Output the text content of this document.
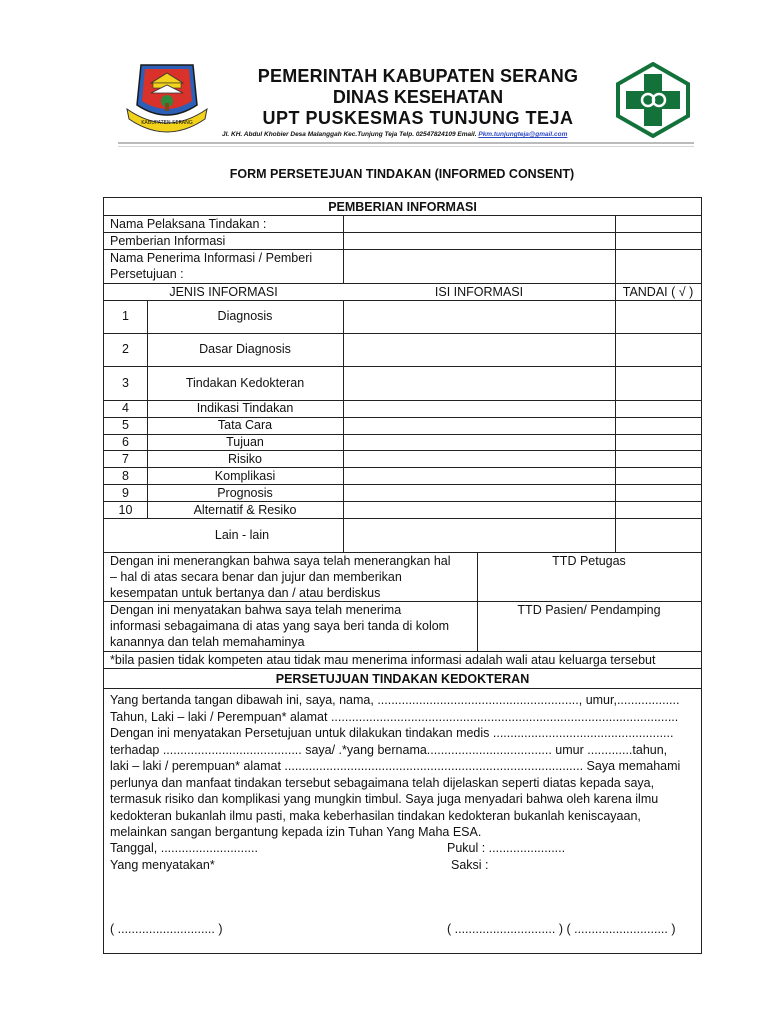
KABUPATEN SERANG
PEMERINTAH KABUPATEN SERANG
DINAS KESEHATAN
UPT PUSKESMAS TUNJUNG TEJA
Jl. KH. Abdul Khobier Desa Malanggah Kec.Tunjung Teja Telp. 02547824109 Email. Pkm.tunjungteja@gmail.com
FORM PERSETEJUAN TINDAKAN (INFORMED CONSENT)
PEMBERIAN INFORMASI
Nama Pelaksana Tindakan :
Pemberian Informasi
Nama Penerima Informasi / Pemberi
Persetujuan :
JENIS INFORMASI	ISI INFORMASI	TANDAI ( √ )
1	Diagnosis
2	Dasar Diagnosis
3	Tindakan Kedokteran
4	Indikasi Tindakan
5	Tata Cara
6	Tujuan
7	Risiko
8	Komplikasi
9	Prognosis
10	Alternatif & Resiko
Lain - lain
Dengan ini menerangkan bahwa saya telah menerangkan hal
– hal di atas secara benar dan jujur dan memberikan
kesempatan untuk bertanya dan / atau berdiskus
TTD Petugas
Dengan ini menyatakan bahwa saya telah menerima
informasi sebagaimana di atas yang saya beri tanda di kolom
kanannya dan telah memahaminya
TTD Pasien/ Pendamping
*bila pasien tidak kompeten atau tidak mau menerima informasi adalah wali atau keluarga tersebut
PERSETUJUAN TINDAKAN KEDOKTERAN
Yang bertanda tangan dibawah ini, saya, nama, .........................................................., umur,..................
Tahun, Laki – laki / Perempuan* alamat ....................................................................................................
Dengan ini menyatakan Persetujuan untuk dilakukan tindakan medis ....................................................
terhadap ........................................ saya/ .*yang bernama.................................... umur .............tahun,
laki – laki / perempuan* alamat ...................................................................................... Saya memahami
perlunya dan manfaat tindakan tersebut sebagaimana telah dijelaskan seperti diatas kepada saya,
termasuk risiko dan komplikasi yang mungkin timbul. Saya juga menyadari bahwa oleh karena ilmu
kedokteran bukanlah ilmu pasti, maka keberhasilan tindakan kedokteran bukanlah keniscayaan,
melainkan sangan bergantung kepada izin Tuhan Yang Maha ESA.
Tanggal, ............................	Pukul : ......................
Yang menyatakan*	Saksi :
( ............................ )	( ............................. ) ( ........................... )
